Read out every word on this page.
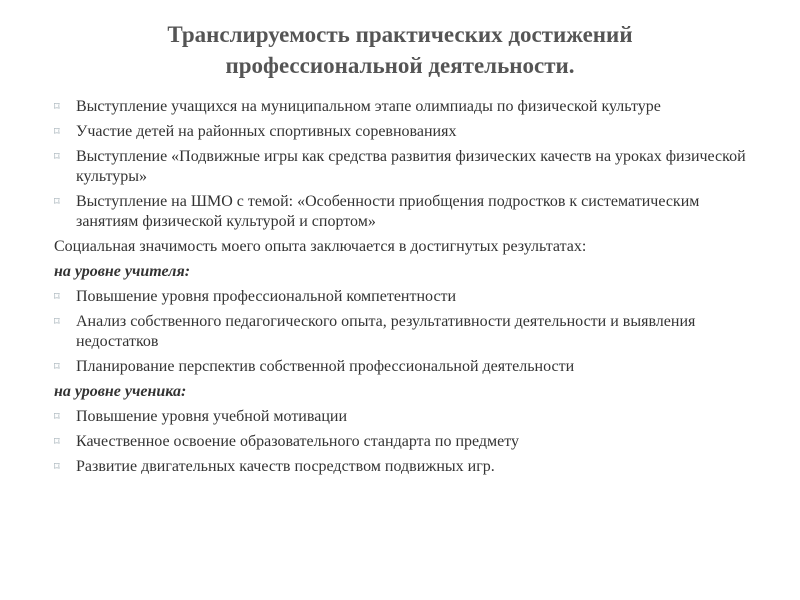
Транслируемость практических достижений
профессиональной деятельности.
⌑	Выступление учащихся на муниципальном этапе олимпиады по физической культуре
⌑	Участие детей на районных спортивных соревнованиях
⌑	Выступление «Подвижные игры как средства развития физических качеств на уроках физической культуры»
⌑	Выступление на ШМО с темой: «Особенности приобщения подростков к систематическим занятиям физической культурой и спортом»
Социальная значимость моего опыта заключается в достигнутых результатах:
на уровне учителя:
⌑	Повышение уровня профессиональной компетентности
⌑	Анализ собственного педагогического опыта, результативности деятельности и выявления недостатков
⌑	Планирование перспектив собственной профессиональной деятельности
на уровне ученика:
⌑	Повышение уровня учебной мотивации
⌑	Качественное освоение образовательного стандарта по предмету
⌑	Развитие двигательных качеств посредством подвижных игр.
